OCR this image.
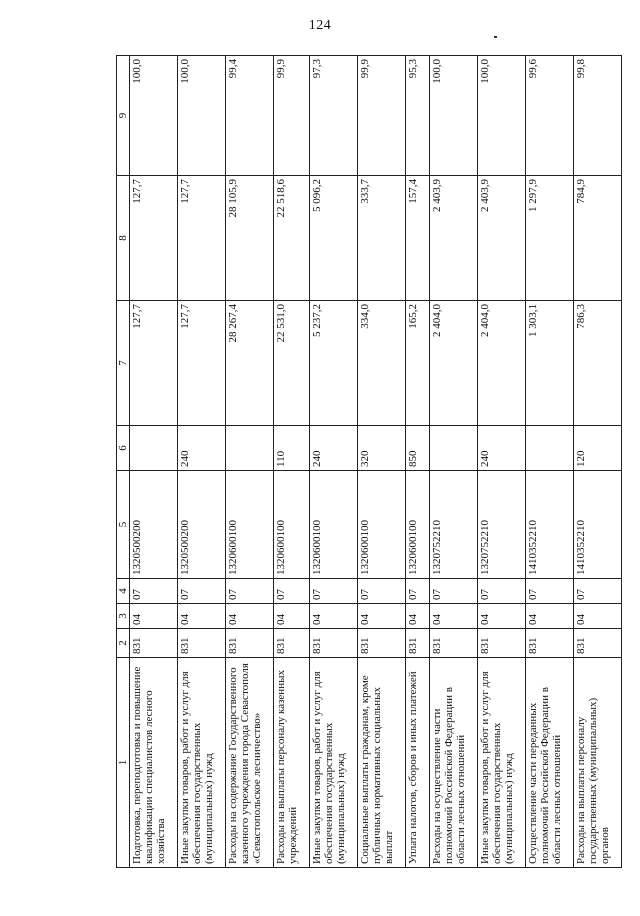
124
1	2	3	4	5	6	7	8	9
Подготовка, переподготовка и повышение квалификации специалистов лесного хозяйства	831	04	07	1320500200		127,7	127,7	100,0
Иные закупки товаров, работ и услуг для обеспечения государственных (муниципальных) нужд	831	04	07	1320500200	240	127,7	127,7	100,0
Расходы на содержание Государственного казенного учреждения города Севастополя «Севастопольское лесничество»	831	04	07	1320600100		28 267,4	28 105,9	99,4
Расходы на выплаты персоналу казенных учреждений	831	04	07	1320600100	110	22 531,0	22 518,6	99,9
Иные закупки товаров, работ и услуг для обеспечения государственных (муниципальных) нужд	831	04	07	1320600100	240	5 237,2	5 096,2	97,3
Социальные выплаты гражданам, кроме публичных нормативных социальных выплат	831	04	07	1320600100	320	334,0	333,7	99,9
Уплата налогов, сборов и иных платежей	831	04	07	1320600100	850	165,2	157,4	95,3
Расходы на осуществление части полномочий Российской Федерации в области лесных отношений	831	04	07	1320752210		2 404,0	2 403,9	100,0
Иные закупки товаров, работ и услуг для обеспечения государственных (муниципальных) нужд	831	04	07	1320752210	240	2 404,0	2 403,9	100,0
Осуществление части переданных полномочий Российской Федерации в области лесных отношений	831	04	07	1410352210		1 303,1	1 297,9	99,6
Расходы на выплаты персоналу государственных (муниципальных) органов	831	04	07	1410352210	120	786,3	784,9	99,8
